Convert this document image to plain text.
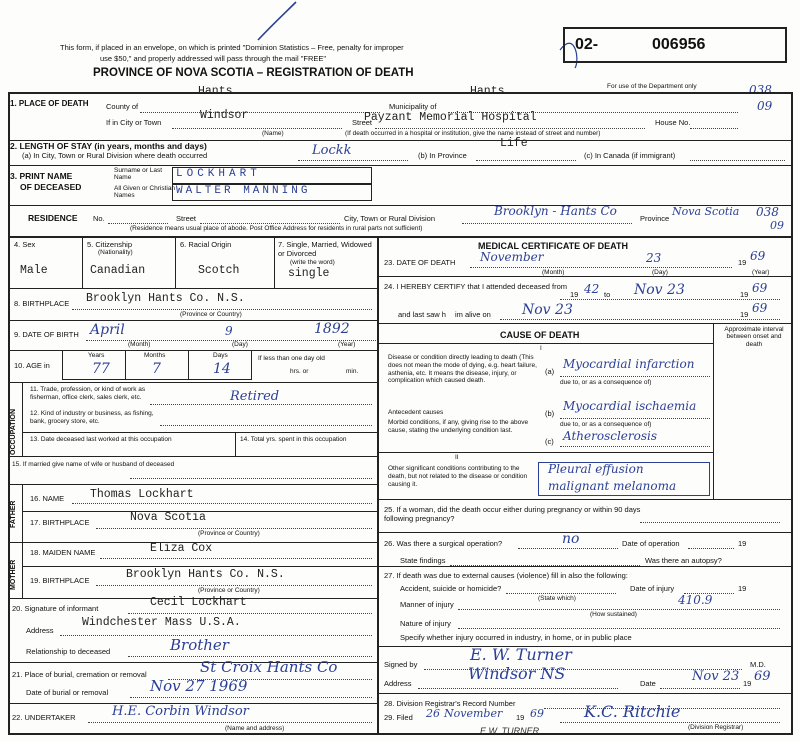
This form, if placed in an envelope, on which is printed "Dominion Statistics – Free, penalty for improper
use $50," and properly addressed will pass through the mail "FREE"
PROVINCE OF NOVA SCOTIA – REGISTRATION OF DEATH
02-	006956
For use of the Department only	038
09
1. PLACE OF DEATH County of
Hants
Municipality of
Hants
If in City or Town
Windsor
Street
Payzant Memorial Hospital	House No.
(Name)	(If death occurred in a hospital or institution, give the name instead of street and number)
2. LENGTH OF STAY (in years, months and days)
(a) In City, Town or Rural Division where death occurred	Lockk	(b) In Province
Life
(c) In Canada (if immigrant)
3. PRINT NAME
OF DECEASED
Surname or Last Name
All Given or Christian Names
LOCKHART
WALTER MANNING
RESIDENCE No.	Street	City, Town or Rural Division
Brooklyn - Hants Co
Province
Nova Scotia 038
09
(Residence means usual place of abode. Post Office Address for residents in rural parts not sufficient)
4. Sex
Male
5. Citizenship
(Nationality)
Canadian
6. Racial Origin
Scotch
7. Single, Married, Widowed or Divorced
(write the word)
single
8. BIRTHPLACE Brooklyn Hants Co. N.S.
(Province or Country)
9. DATE OF BIRTH April	9	1892
(Month)	(Day)	(Year)
10. AGE in
Years	Months	Days
77	7	14
If less than one day old
hrs. or	min.
OCCUPATION
11. Trade, profession, or kind of work as fisherman, office clerk, sales clerk, etc.	Retired
12. Kind of industry or business, as fishing, bank, grocery store, etc.
13. Date deceased last worked at this occupation	14. Total yrs. spent in this occupation
15. If married give name of wife or husband of deceased
FATHER
16. NAME Thomas Lockhart
17. BIRTHPLACE	Nova Scotia
(Province or Country)
MOTHER
18. MAIDEN NAME	Eliza Cox
19. BIRTHPLACE	Brooklyn Hants Co. N.S.
(Province or Country)
20. Signature of informant	Cecil Lockhart
Address
Windchester Mass U.S.A.
Relationship to deceased	Brother
21. Place of burial, cremation or removal	St Croix Hants Co
Date of burial or removal	Nov 27 1969
22. UNDERTAKER	H.E. Corbin Windsor
(Name and address)
MEDICAL CERTIFICATE OF DEATH
23. DATE OF DEATH November	23	19 69
(Month)	(Day)	(Year)
24. I HEREBY CERTIFY that I attended deceased from
19 42 to Nov 23	19 69
and last saw h im alive on Nov 23	19 69
CAUSE OF DEATH
Approximate interval between onset and death
I
Disease or condition directly leading to death (This does not mean the mode of dying, e.g. heart failure, asthenia, etc. It means the disease, injury, or complication which caused death.
Antecedent causes
Morbid conditions, if any, giving rise to the above cause, stating the underlying condition last.
(a)
Myocardial infarction
due to, or as a consequence of)
(b)
Myocardial ischaemia
due to, or as a consequence of)
(c) Atherosclerosis
II
Other significant conditions contributing to the death, but not related to the disease or condition causing it.
Pleural effusion
malignant melanoma
25. If a woman, did the death occur either during pregnancy or within 90 days following pregnancy?
26. Was there a surgical operation?	no	Date of operation	19
State findings	Was there an autopsy?
27. If death was due to external causes (violence) fill in also the following:
Accident, suicide or homicide?
(State which)
Date of injury	19
Manner of injury	410.9
(How sustained)
Nature of injury
Specify whether injury occurred in industry, in home, or in public place
Signed by
E. W. Turner
M.D.
Address
Windsor NS
Date	Nov 23 19 69
28. Division Registrar's Record Number
29. Filed 26 November 19 69	K.C. Ritchie
(Division Registrar)
E.W. TURNER
